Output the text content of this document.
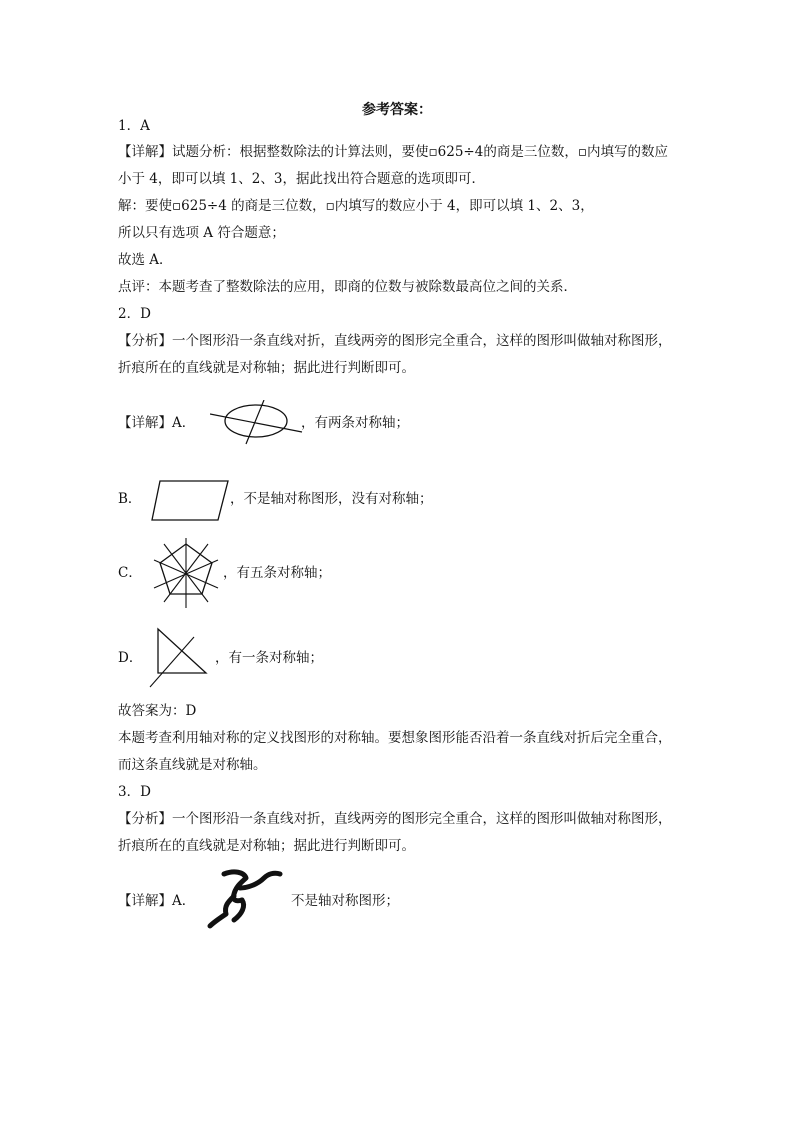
参考答案：
1．A
【详解】试题分析：根据整数除法的计算法则，要使▫625÷4的商是三位数，▫内填写的数应
小于 4，即可以填 1、2、3，据此找出符合题意的选项即可．
解：要使▫625÷4 的商是三位数，▫内填写的数应小于 4，即可以填 1、2、3，
所以只有选项 A 符合题意；
故选 A．
点评：本题考查了整数除法的应用，即商的位数与被除数最高位之间的关系．
2．D
【分析】一个图形沿一条直线对折，直线两旁的图形完全重合，这样的图形叫做轴对称图形，
折痕所在的直线就是对称轴；据此进行判断即可。
【详解】A．	，有两条对称轴；
B．	，不是轴对称图形，没有对称轴；
C．	，有五条对称轴；
D．	，有一条对称轴；
故答案为：D
本题考查利用轴对称的定义找图形的对称轴。要想象图形能否沿着一条直线对折后完全重合，
而这条直线就是对称轴。
3．D
【分析】一个图形沿一条直线对折，直线两旁的图形完全重合，这样的图形叫做轴对称图形，
折痕所在的直线就是对称轴；据此进行判断即可。
【详解】A．	不是轴对称图形；
